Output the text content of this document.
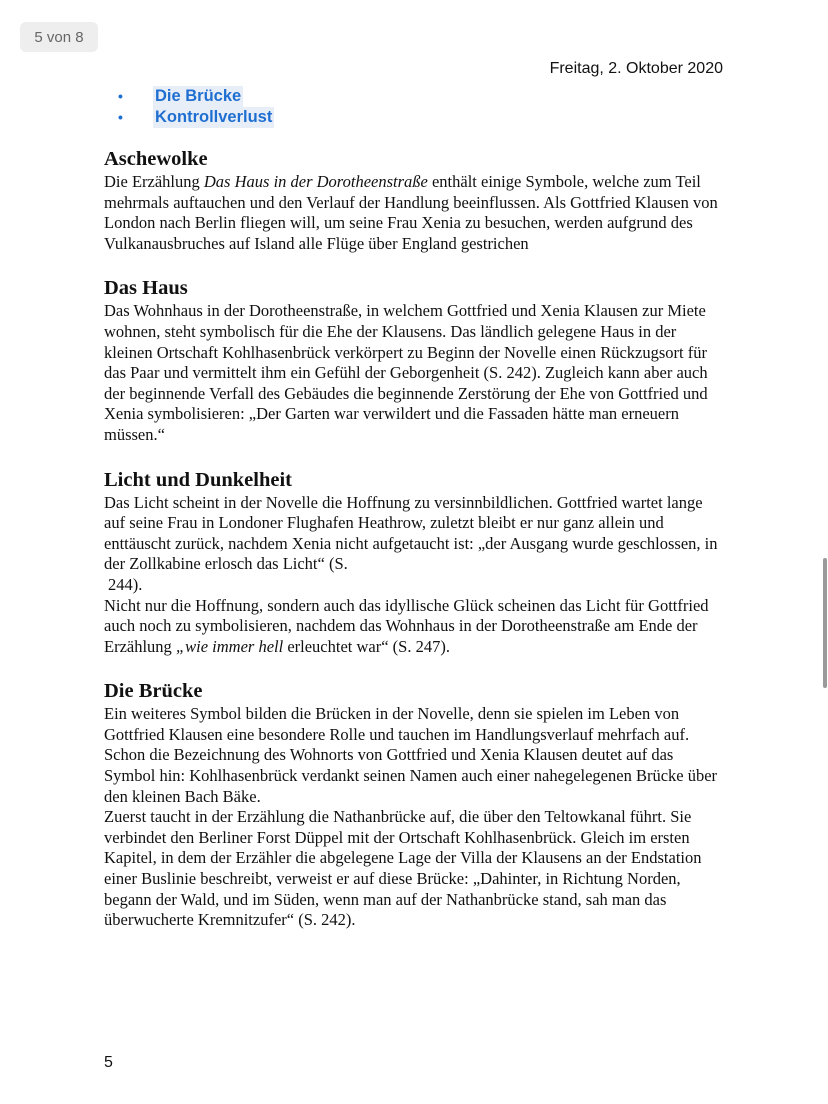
5 von 8
Freitag, 2. Oktober 2020
•	Die Brücke
•	Kontrollverlust
Aschewolke

Die Erzählung Das Haus in der Dorotheenstraße enthält einige Symbole, welche zum Teil mehrmals auftauchen und den Verlauf der Handlung beeinflussen. Als Gottfried Klausen von London nach Berlin fliegen will, um seine Frau Xenia zu besuchen, werden aufgrund des Vulkanausbruches auf Island alle Flüge über England gestrichen

Das Haus

Das Wohnhaus in der Dorotheenstraße, in welchem Gottfried und Xenia Klausen zur Miete wohnen, steht symbolisch für die Ehe der Klausens. Das ländlich gelegene Haus in der kleinen Ortschaft Kohlhasenbrück verkörpert zu Beginn der Novelle einen Rückzugsort für das Paar und vermittelt ihm ein Gefühl der Geborgenheit (S. 242). Zugleich kann aber auch der beginnende Verfall des Gebäudes die beginnende Zerstörung der Ehe von Gottfried und Xenia symbolisieren: „Der Garten war verwildert und die Fassaden hätte man erneuern müssen.“

Licht und Dunkelheit

Das Licht scheint in der Novelle die Hoffnung zu versinnbildlichen. Gottfried wartet lange auf seine Frau in Londoner Flughafen Heathrow, zuletzt bleibt er nur ganz allein und enttäuscht zurück, nachdem Xenia nicht aufgetaucht ist: „der Ausgang wurde geschlossen, in der Zollkabine erlosch das Licht“ (S.
244).

Nicht nur die Hoffnung, sondern auch das idyllische Glück scheinen das Licht für Gottfried auch noch zu symbolisieren, nachdem das Wohnhaus in der Dorotheenstraße am Ende der Erzählung „wie immer hell erleuchtet war“ (S. 247).

Die Brücke

Ein weiteres Symbol bilden die Brücken in der Novelle, denn sie spielen im Leben von Gottfried Klausen eine besondere Rolle und tauchen im Handlungsverlauf mehrfach auf. Schon die Bezeichnung des Wohnorts von Gottfried und Xenia Klausen deutet auf das Symbol hin: Kohlhasenbrück verdankt seinen Namen auch einer nahegelegenen Brücke über den kleinen Bach Bäke.

Zuerst taucht in der Erzählung die Nathanbrücke auf, die über den Teltowkanal führt. Sie verbindet den Berliner Forst Düppel mit der Ortschaft Kohlhasenbrück. Gleich im ersten Kapitel, in dem der Erzähler die abgelegene Lage der Villa der Klausens an der Endstation einer Buslinie beschreibt, verweist er auf diese Brücke: „Dahinter, in Richtung Norden, begann der Wald, und im Süden, wenn man auf der Nathanbrücke stand, sah man das überwucherte Kremnitzufer“ (S. 242).

5
